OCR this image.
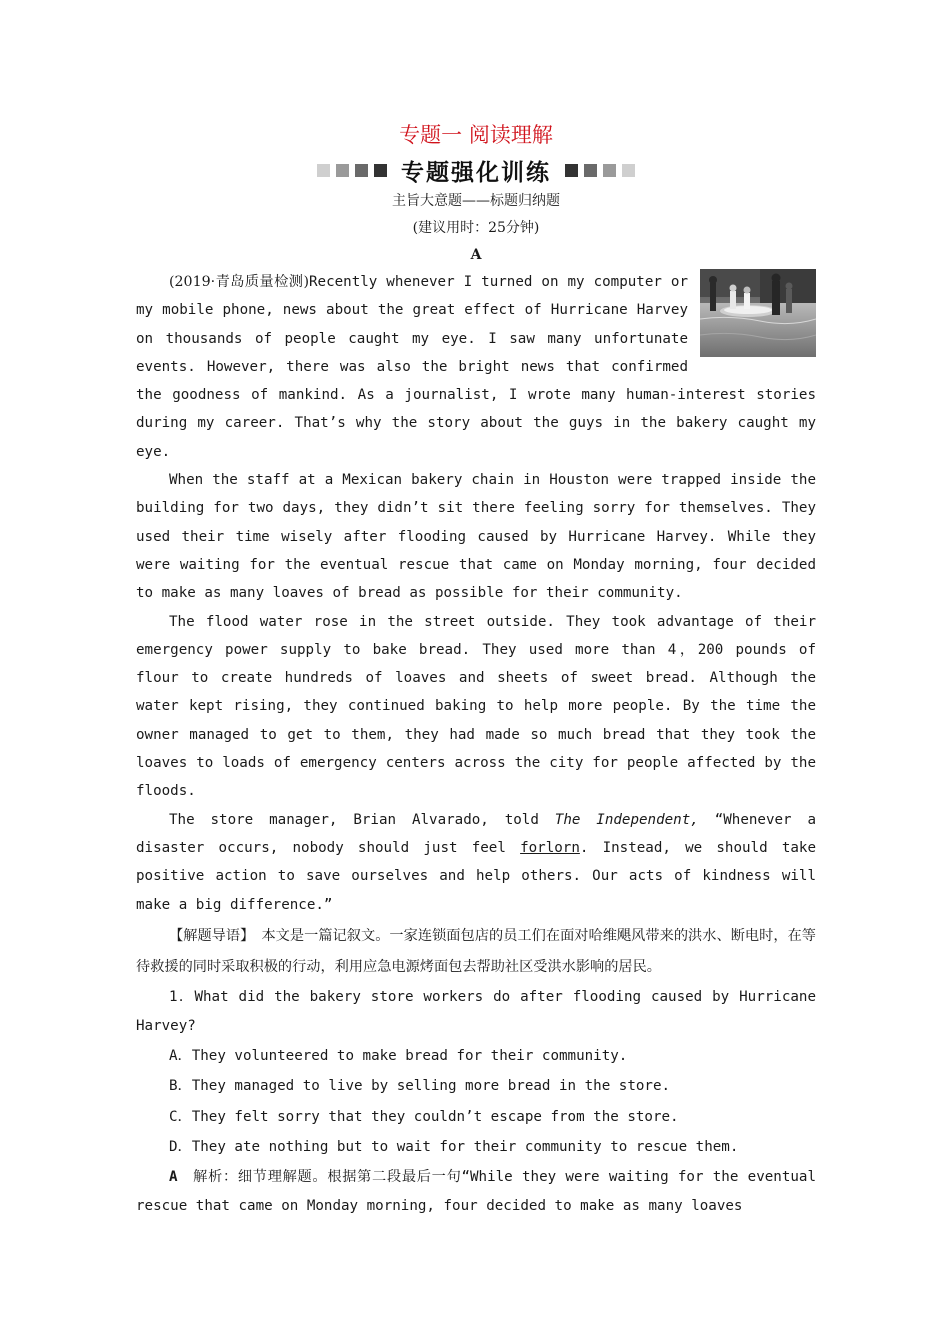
专题一 阅读理解
专题强化训练
主旨大意题——标题归纳题
(建议用时：25分钟)
A

(2019·青岛质量检测)Recently whenever I turned on my computer or my mobile phone, news about the great effect of Hurricane Harvey on thousands of people caught my eye. I saw many unfortunate events. However, there was also the bright news that confirmed the goodness of mankind. As a journalist, I wrote many human-interest stories during my career. That’s why the story about the guys in the bakery caught my eye.

When the staff at a Mexican bakery chain in Houston were trapped inside the building for two days, they didn’t sit there feeling sorry for themselves. They used their time wisely after flooding caused by Hurricane Harvey. While they were waiting for the eventual rescue that came on Monday morning, four decided to make as many loaves of bread as possible for their community.

The flood water rose in the street outside. They took advantage of their emergency power supply to bake bread. They used more than 4，200 pounds of flour to create hundreds of loaves and sheets of sweet bread. Although the water kept rising, they continued baking to help more people. By the time the owner managed to get to them, they had made so much bread that they took the loaves to loads of emergency centers across the city for people affected by the floods.

The store manager, Brian Alvarado, told The Independent, “Whenever a disaster occurs, nobody should just feel forlorn. Instead, we should take positive action to save ourselves and help others. Our acts of kindness will make a big difference.”

【解题导语】　本文是一篇记叙文。一家连锁面包店的员工们在面对哈维飓风带来的洪水、断电时，在等待救援的同时采取积极的行动，利用应急电源烤面包去帮助社区受洪水影响的居民。

1．What did the bakery store workers do after flooding caused by Hurricane Harvey?

A．They volunteered to make bread for their community.

B．They managed to live by selling more bread in the store.

C．They felt sorry that they couldn’t escape from the store.

D．They ate nothing but to wait for their community to rescue them.

A　解析：细节理解题。根据第二段最后一句“While they were waiting for the eventual rescue that came on Monday morning, four decided to make as many loaves
